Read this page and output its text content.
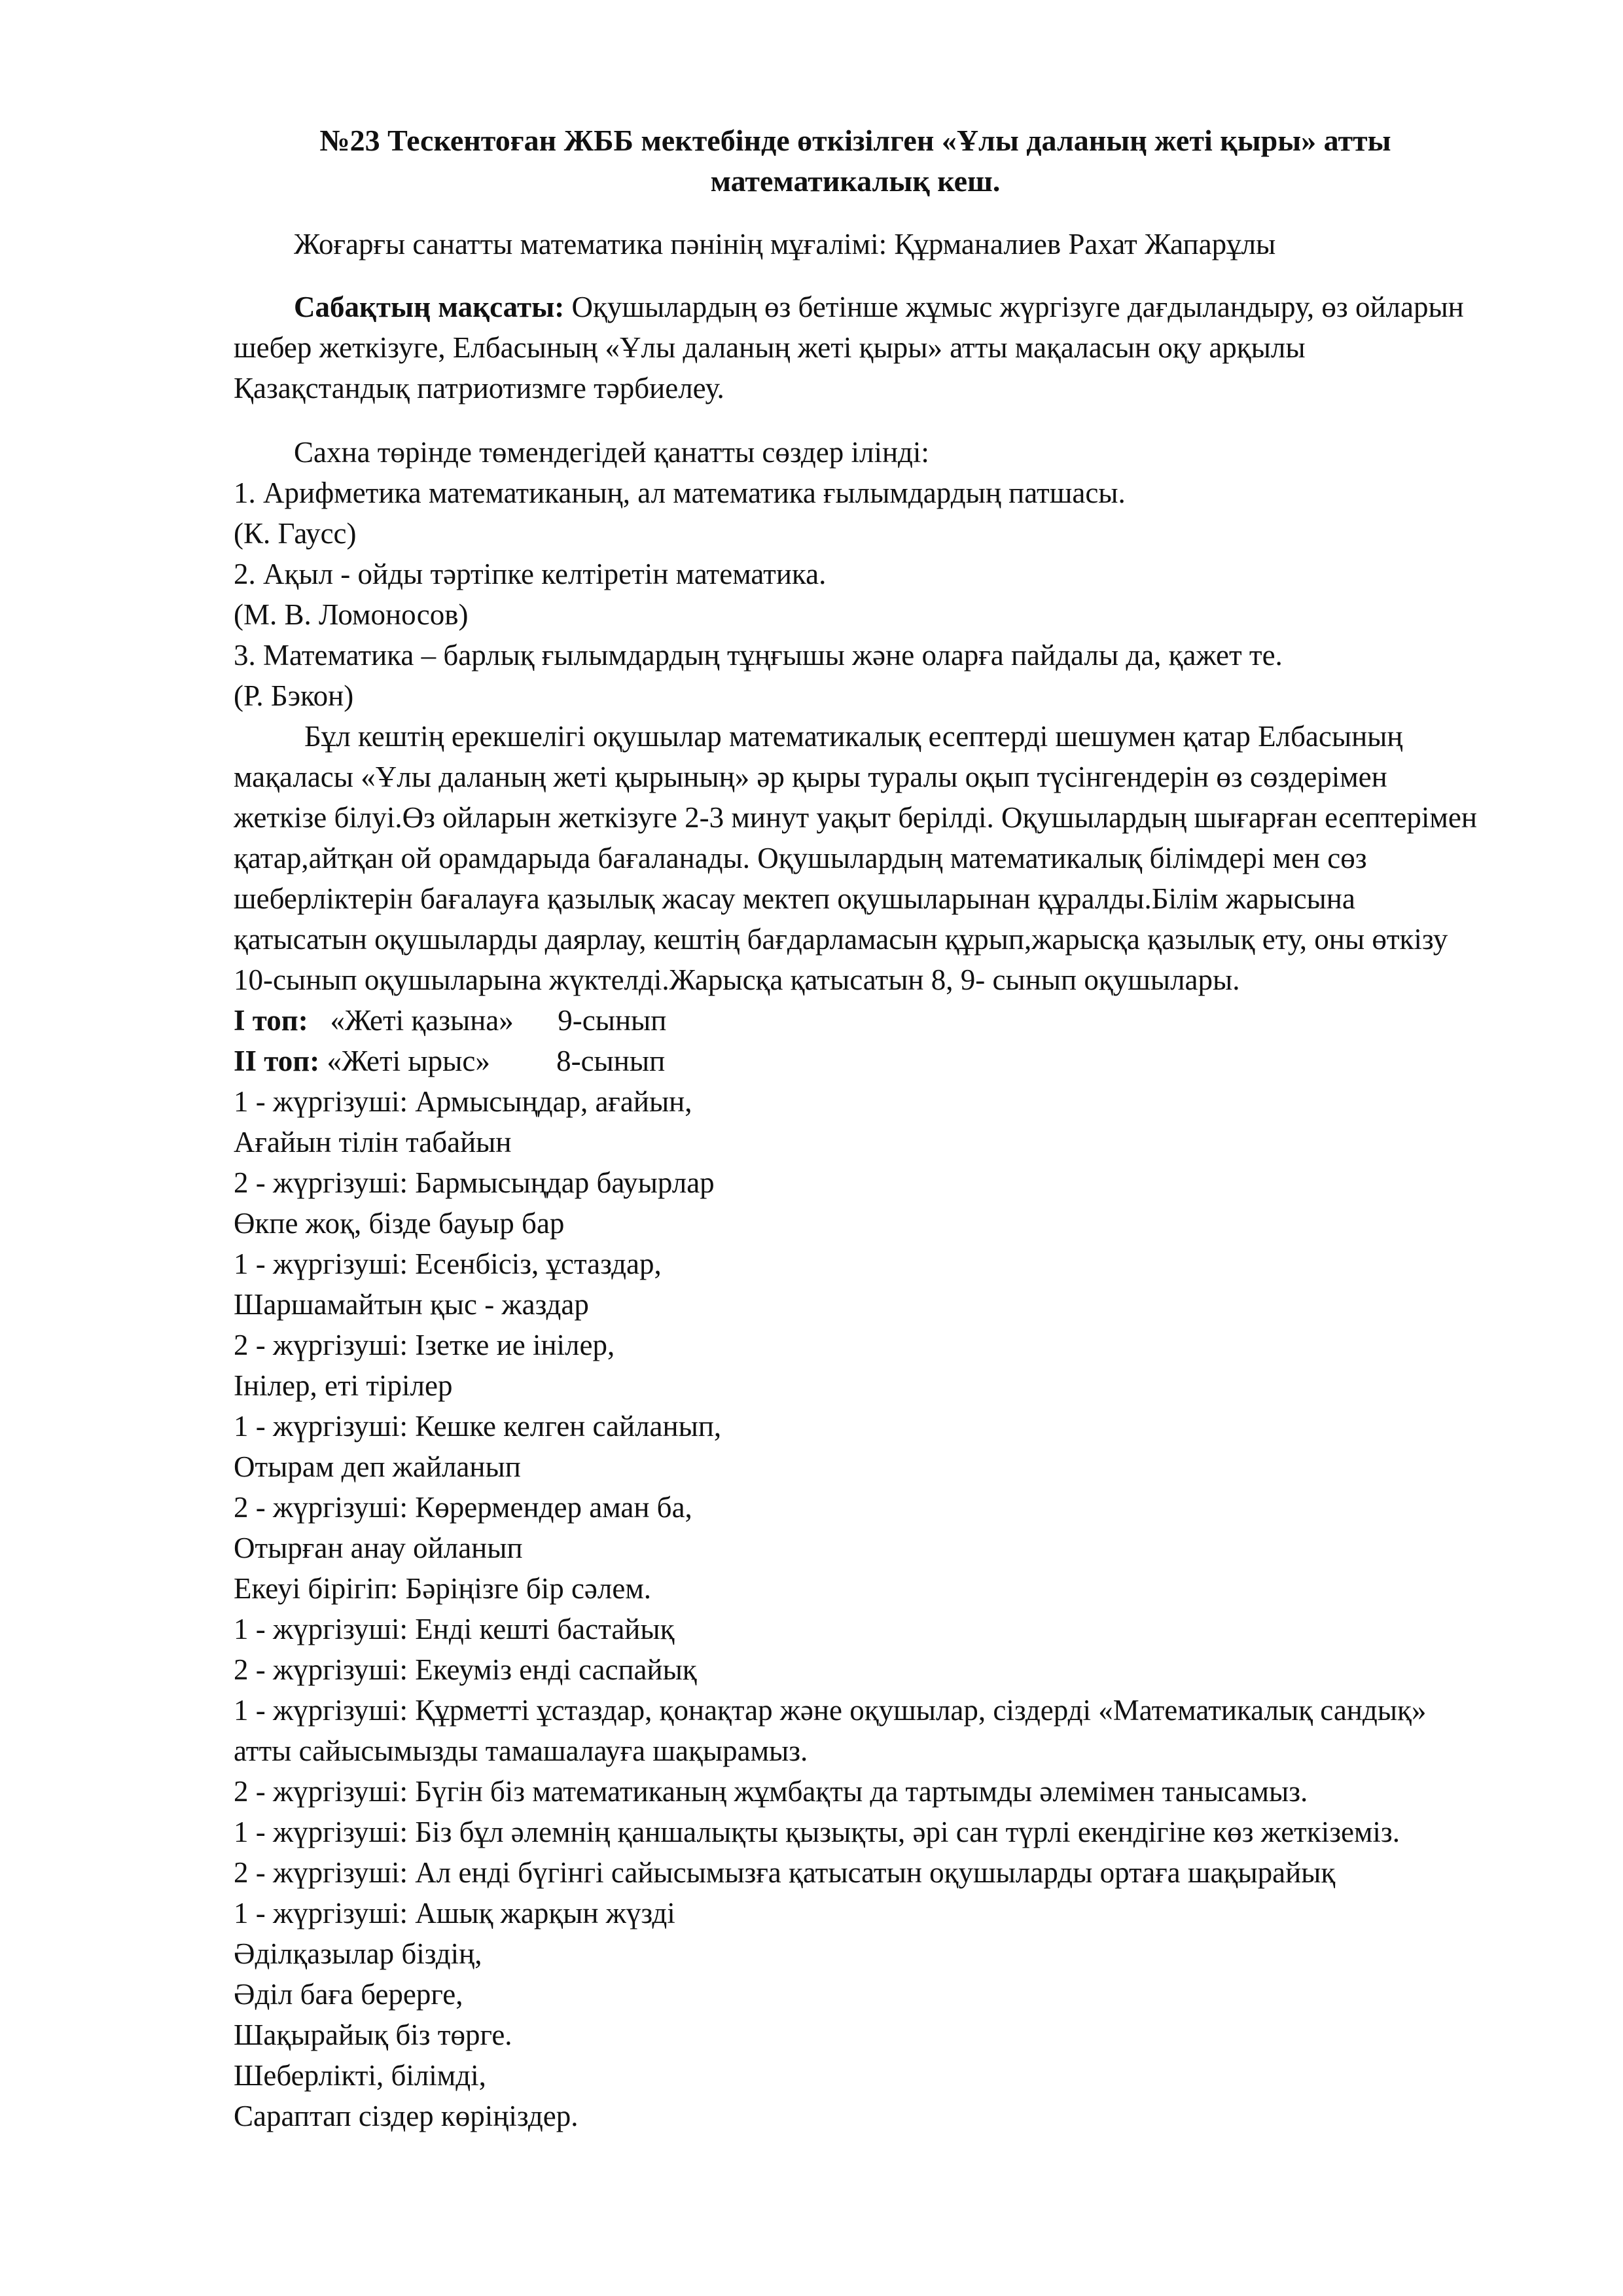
№23 Тескентоған ЖББ мектебінде өткізілген «Ұлы даланың жеті қыры» атты математикалық кеш.

Жоғарғы санатты математика пәнінің мұғалімі: Құрманалиев Рахат Жапарұлы

Сабақтың мақсаты: Оқушылардың өз бетінше жұмыс жүргізуге дағдыландыру, өз ойларын шебер жеткізуге, Елбасының «Ұлы даланың жеті қыры» атты мақаласын оқу арқылы Қазақстандық патриотизмге тәрбиелеу.

Сахна төрінде төмендегідей қанатты сөздер ілінді:

1. Арифметика математиканың, ал математика ғылымдардың патшасы.

(К. Гаусс)

2. Ақыл - ойды тәртіпке келтіретін математика.

(М. В. Ломоносов)

3. Математика – барлық ғылымдардың тұңғышы және оларға пайдалы да, қажет те.

(Р. Бэкон)

Бұл кештің ерекшелігі оқушылар математикалық есептерді шешумен қатар Елбасының мақаласы «Ұлы даланың жеті қырының» әр қыры туралы оқып түсінгендерін өз сөздерімен жеткізе білуі.Өз ойларын жеткізуге 2-3 минут уақыт берілді. Оқушылардың шығарған есептерімен қатар,айтқан ой орамдарыда бағаланады. Оқушылардың математикалық білімдері мен сөз шеберліктерін бағалауға қазылық жасау мектеп оқушыларынан құралды.Білім жарысына қатысатын оқушыларды даярлау, кештің бағдарламасын құрып,жарысқа қазылық ету, оны өткізу 10-сынып оқушыларына жүктелді.Жарысқа қатысатын 8, 9- сынып оқушылары.

І топ:   «Жеті қазына»      9-сынып

ІІ топ: «Жеті ырыс»         8-сынып

1 - жүргізуші: Армысыңдар, ағайын,

Ағайын тілін табайын

2 - жүргізуші: Бармысыңдар бауырлар

Өкпе жоқ, бізде бауыр бар

1 - жүргізуші: Есенбісіз, ұстаздар,

Шаршамайтын қыс - жаздар

2 - жүргізуші: Ізетке ие інілер,

Інілер, еті тірілер

1 - жүргізуші: Кешке келген сайланып,

Отырам деп жайланып

2 - жүргізуші: Көрермендер аман ба,

Отырған анау ойланып

Екеуі бірігіп: Бәріңізге бір сәлем.

1 - жүргізуші: Енді кешті бастайық

2 - жүргізуші: Екеуміз енді саспайық

1 - жүргізуші: Құрметті ұстаздар, қонақтар және оқушылар, сіздерді «Математикалық сандық» атты сайысымызды тамашалауға шақырамыз.

2 - жүргізуші: Бүгін біз математиканың жұмбақты да тартымды әлемімен танысамыз.

1 - жүргізуші: Біз бұл әлемнің қаншалықты қызықты, әрі сан түрлі екендігіне көз жеткіземіз.

2 - жүргізуші: Ал енді бүгінгі сайысымызға қатысатын оқушыларды ортаға шақырайық

1 - жүргізуші: Ашық жарқын жүзді

Әділқазылар біздің,

Әділ баға берерге,

Шақырайық біз төрге.

Шеберлікті, білімді,

Сараптап сіздер көріңіздер.
